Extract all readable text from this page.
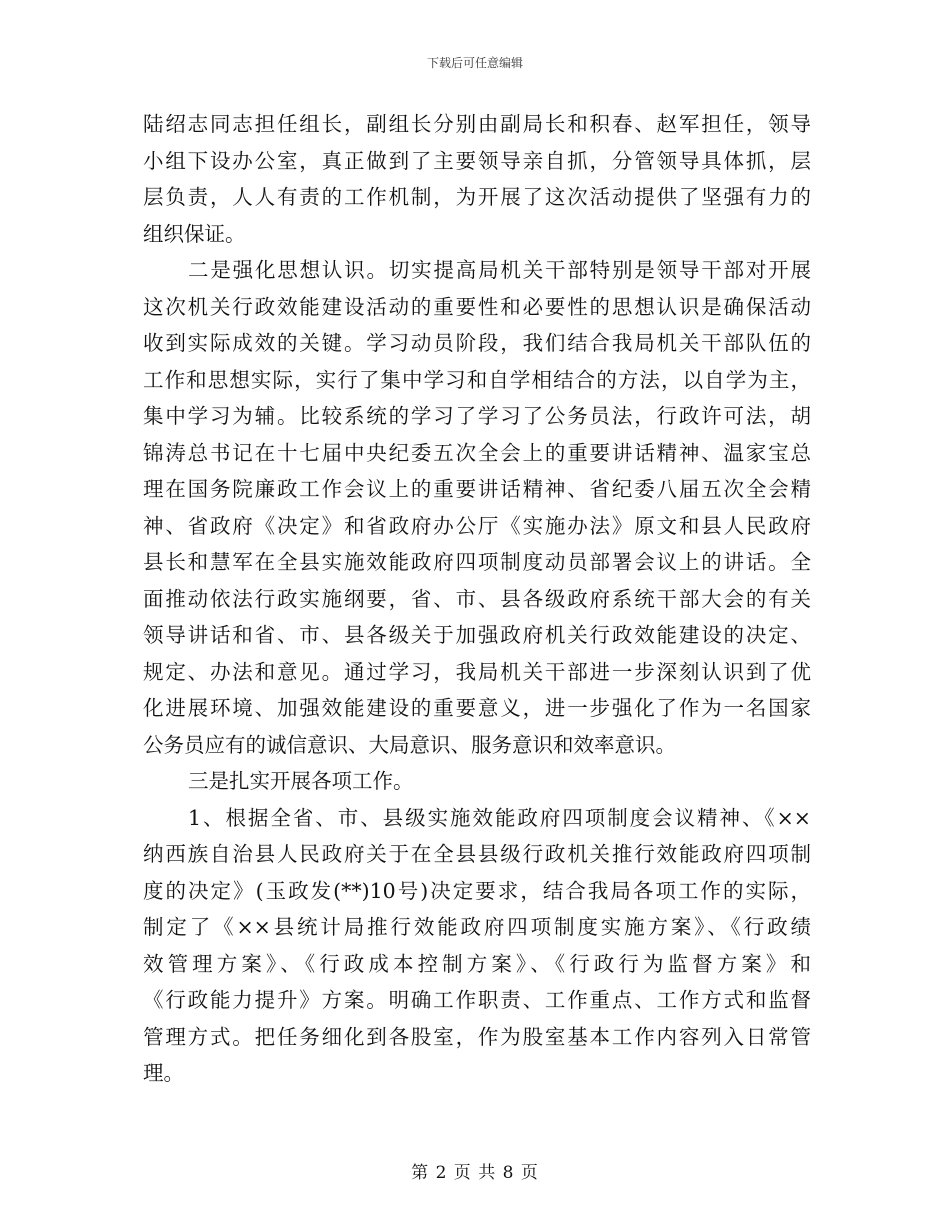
下载后可任意编辑
陆绍志同志担任组长，副组长分别由副局长和积春、赵军担任，领导
小组下设办公室，真正做到了主要领导亲自抓，分管领导具体抓，层
层负责，人人有责的工作机制，为开展了这次活动提供了坚强有力的
组织保证。
二是强化思想认识。切实提高局机关干部特别是领导干部对开展
这次机关行政效能建设活动的重要性和必要性的思想认识是确保活动
收到实际成效的关键。学习动员阶段，我们结合我局机关干部队伍的
工作和思想实际，实行了集中学习和自学相结合的方法，以自学为主，
集中学习为辅。比较系统的学习了学习了公务员法，行政许可法，胡
锦涛总书记在十七届中央纪委五次全会上的重要讲话精神、温家宝总
理在国务院廉政工作会议上的重要讲话精神、省纪委八届五次全会精
神、省政府《决定》和省政府办公厅《实施办法》原文和县人民政府
县长和慧军在全县实施效能政府四项制度动员部署会议上的讲话。全
面推动依法行政实施纲要，省、市、县各级政府系统干部大会的有关
领导讲话和省、市、县各级关于加强政府机关行政效能建设的决定、
规定、办法和意见。通过学习，我局机关干部进一步深刻认识到了优
化进展环境、加强效能建设的重要意义，进一步强化了作为一名国家
公务员应有的诚信意识、大局意识、服务意识和效率意识。
三是扎实开展各项工作。
1、根据全省、市、县级实施效能政府四项制度会议精神、《××
纳西族自治县人民政府关于在全县县级行政机关推行效能政府四项制
度的决定》(玉政发(**)10号)决定要求，结合我局各项工作的实际，
制定了《××县统计局推行效能政府四项制度实施方案》、《行政绩
效管理方案》、《行政成本控制方案》、《行政行为监督方案》和
《行政能力提升》方案。明确工作职责、工作重点、工作方式和监督
管理方式。把任务细化到各股室，作为股室基本工作内容列入日常管
理。
第 2 页 共 8 页
